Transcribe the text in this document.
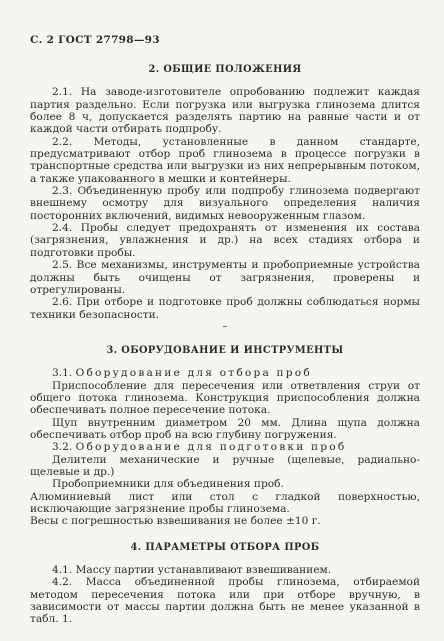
С. 2 ГОСТ 27798—93
2. ОБЩИЕ ПОЛОЖЕНИЯ

2.1. На заводе-изготовителе опробованию подлежит каждая партия раздельно. Если погрузка или выгрузка глинозема длится более 8 ч, допускается разделять партию на равные части и от каждой части отбирать подпробу.

2.2. Методы, установленные в данном стандарте, предусматривают отбор проб глинозема в процессе погрузки в транспортные средства или выгрузки из них непрерывным потоком, а также упакованного в мешки и контейнеры.

2.3. Объединенную пробу или подпробу глинозема подвергают внешнему осмотру для визуального определения наличия посторонних включений, видимых невооруженным глазом.

2.4. Пробы следует предохранять от изменения их состава (загрязнения, увлажнения и др.) на всех стадиях отбора и подготовки пробы.

2.5. Все механизмы, инструменты и пробоприемные устройства должны быть очищены от загрязнения, проверены и отрегулированы.

2.6. При отборе и подготовке проб должны соблюдаться нормы техники безопасности.

–
3. ОБОРУДОВАНИЕ И ИНСТРУМЕНТЫ

3.1. Оборудование для отбора проб

Приспособление для пересечения или ответвления струи от общего потока глинозема. Конструкция приспособления должна обеспечивать полное пересечение потока.

Щуп внутренним диаметром 20 мм. Длина щупа должна обеспечивать отбор проб на всю глубину погружения.

3.2. Оборудование для подготовки проб

Делители механические и ручные (щелевые, радиально-щелевые и др.)

Пробоприемники для объединения проб.

Алюминиевый лист или стол с гладкой поверхностью, исключающие загрязнение пробы глинозема.

Весы с погрешностью взвешивания не более ±10 г.

4. ПАРАМЕТРЫ ОТБОРА ПРОБ

4.1. Массу партии устанавливают взвешиванием.

4.2. Масса объединенной пробы глинозема, отбираемой методом пересечения потока или при отборе вручную, в зависимости от массы партии должна быть не менее указанной в табл. 1.
